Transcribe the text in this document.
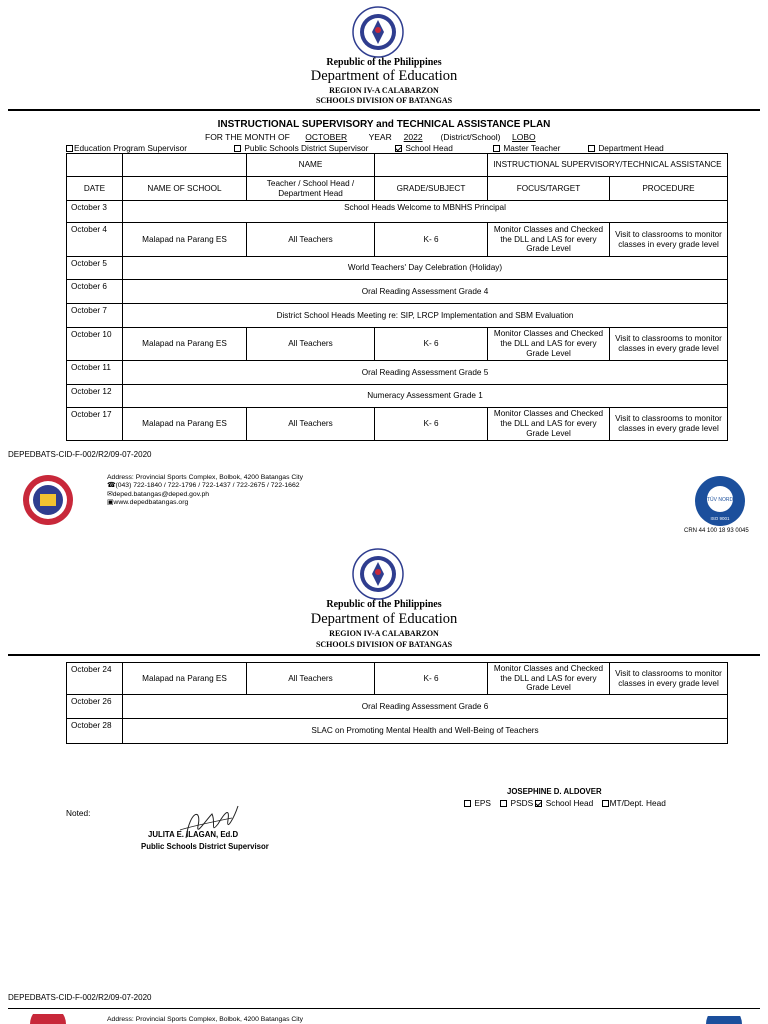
Republic of the Philippines
Department of Education
REGION IV-A CALABARZON
SCHOOLS DIVISION OF BATANGAS
INSTRUCTIONAL SUPERVISORY and TECHNICAL ASSISTANCE PLAN
FOR THE MONTH OF OCTOBER	YEAR 2022 (District/School) LOBO
Education Program Supervisor	Public Schools District Supervisor	School Head	Master Teacher	Department Head
		NAME		INSTRUCTIONAL SUPERVISORY/TECHNICAL ASSISTANCE	
DATE	NAME OF SCHOOL	Teacher / School Head / Department Head	GRADE/SUBJECT	FOCUS/TARGET	PROCEDURE
October 3	School Heads Welcome to MBNHS Principal				
October 4	Malapad na Parang ES	All Teachers	K- 6	Monitor Classes and Checked the DLL and LAS for every Grade Level	Visit to classrooms to monitor classes in every grade level
October 5	World Teachers' Day Celebration (Holiday)				
October 6	Oral Reading Assessment Grade 4				
October 7	District School Heads Meeting re: SIP, LRCP Implementation and SBM Evaluation				
October 10	Malapad na Parang ES	All Teachers	K- 6	Monitor Classes and Checked the DLL and LAS for every Grade Level	Visit to classrooms to monitor classes in every grade level
October 11	Oral Reading Assessment Grade 5				
October 12	Numeracy Assessment Grade 1				
October 17	Malapad na Parang ES	All Teachers	K- 6	Monitor Classes and Checked the DLL and LAS for every Grade Level	Visit to classrooms to monitor classes in every grade level
DEPEDBATS-CID-F-002/R2/09-07-2020
Address: Provincial Sports Complex, Bolbok, 4200 Batangas City
☎(043) 722-1840 / 722-1796 / 722-1437 / 722-2675 / 722-1662
✉deped.batangas@deped.gov.ph
▣www.depedbatangas.org	TÜV NORD
ISO 9001
CRN 44 100 18 93 0045
Republic of the Philippines
Department of Education
REGION IV-A CALABARZON
SCHOOLS DIVISION OF BATANGAS
October 24	Malapad na Parang ES	All Teachers	K- 6	Monitor Classes and Checked the DLL and LAS for every Grade Level	Visit to classrooms to monitor classes in every grade level
October 26	Oral Reading Assessment Grade 6				
October 28	SLAC on Promoting Mental Health and Well-Being of Teachers				
JOSEPHINE D. ALDOVER
EPS PSDS School Head MT/Dept. Head
Noted:
JULITA E. ILAGAN, Ed.D
Public Schools District Supervisor
DEPEDBATS-CID-F-002/R2/09-07-2020
Address: Provincial Sports Complex, Bolbok, 4200 Batangas City
